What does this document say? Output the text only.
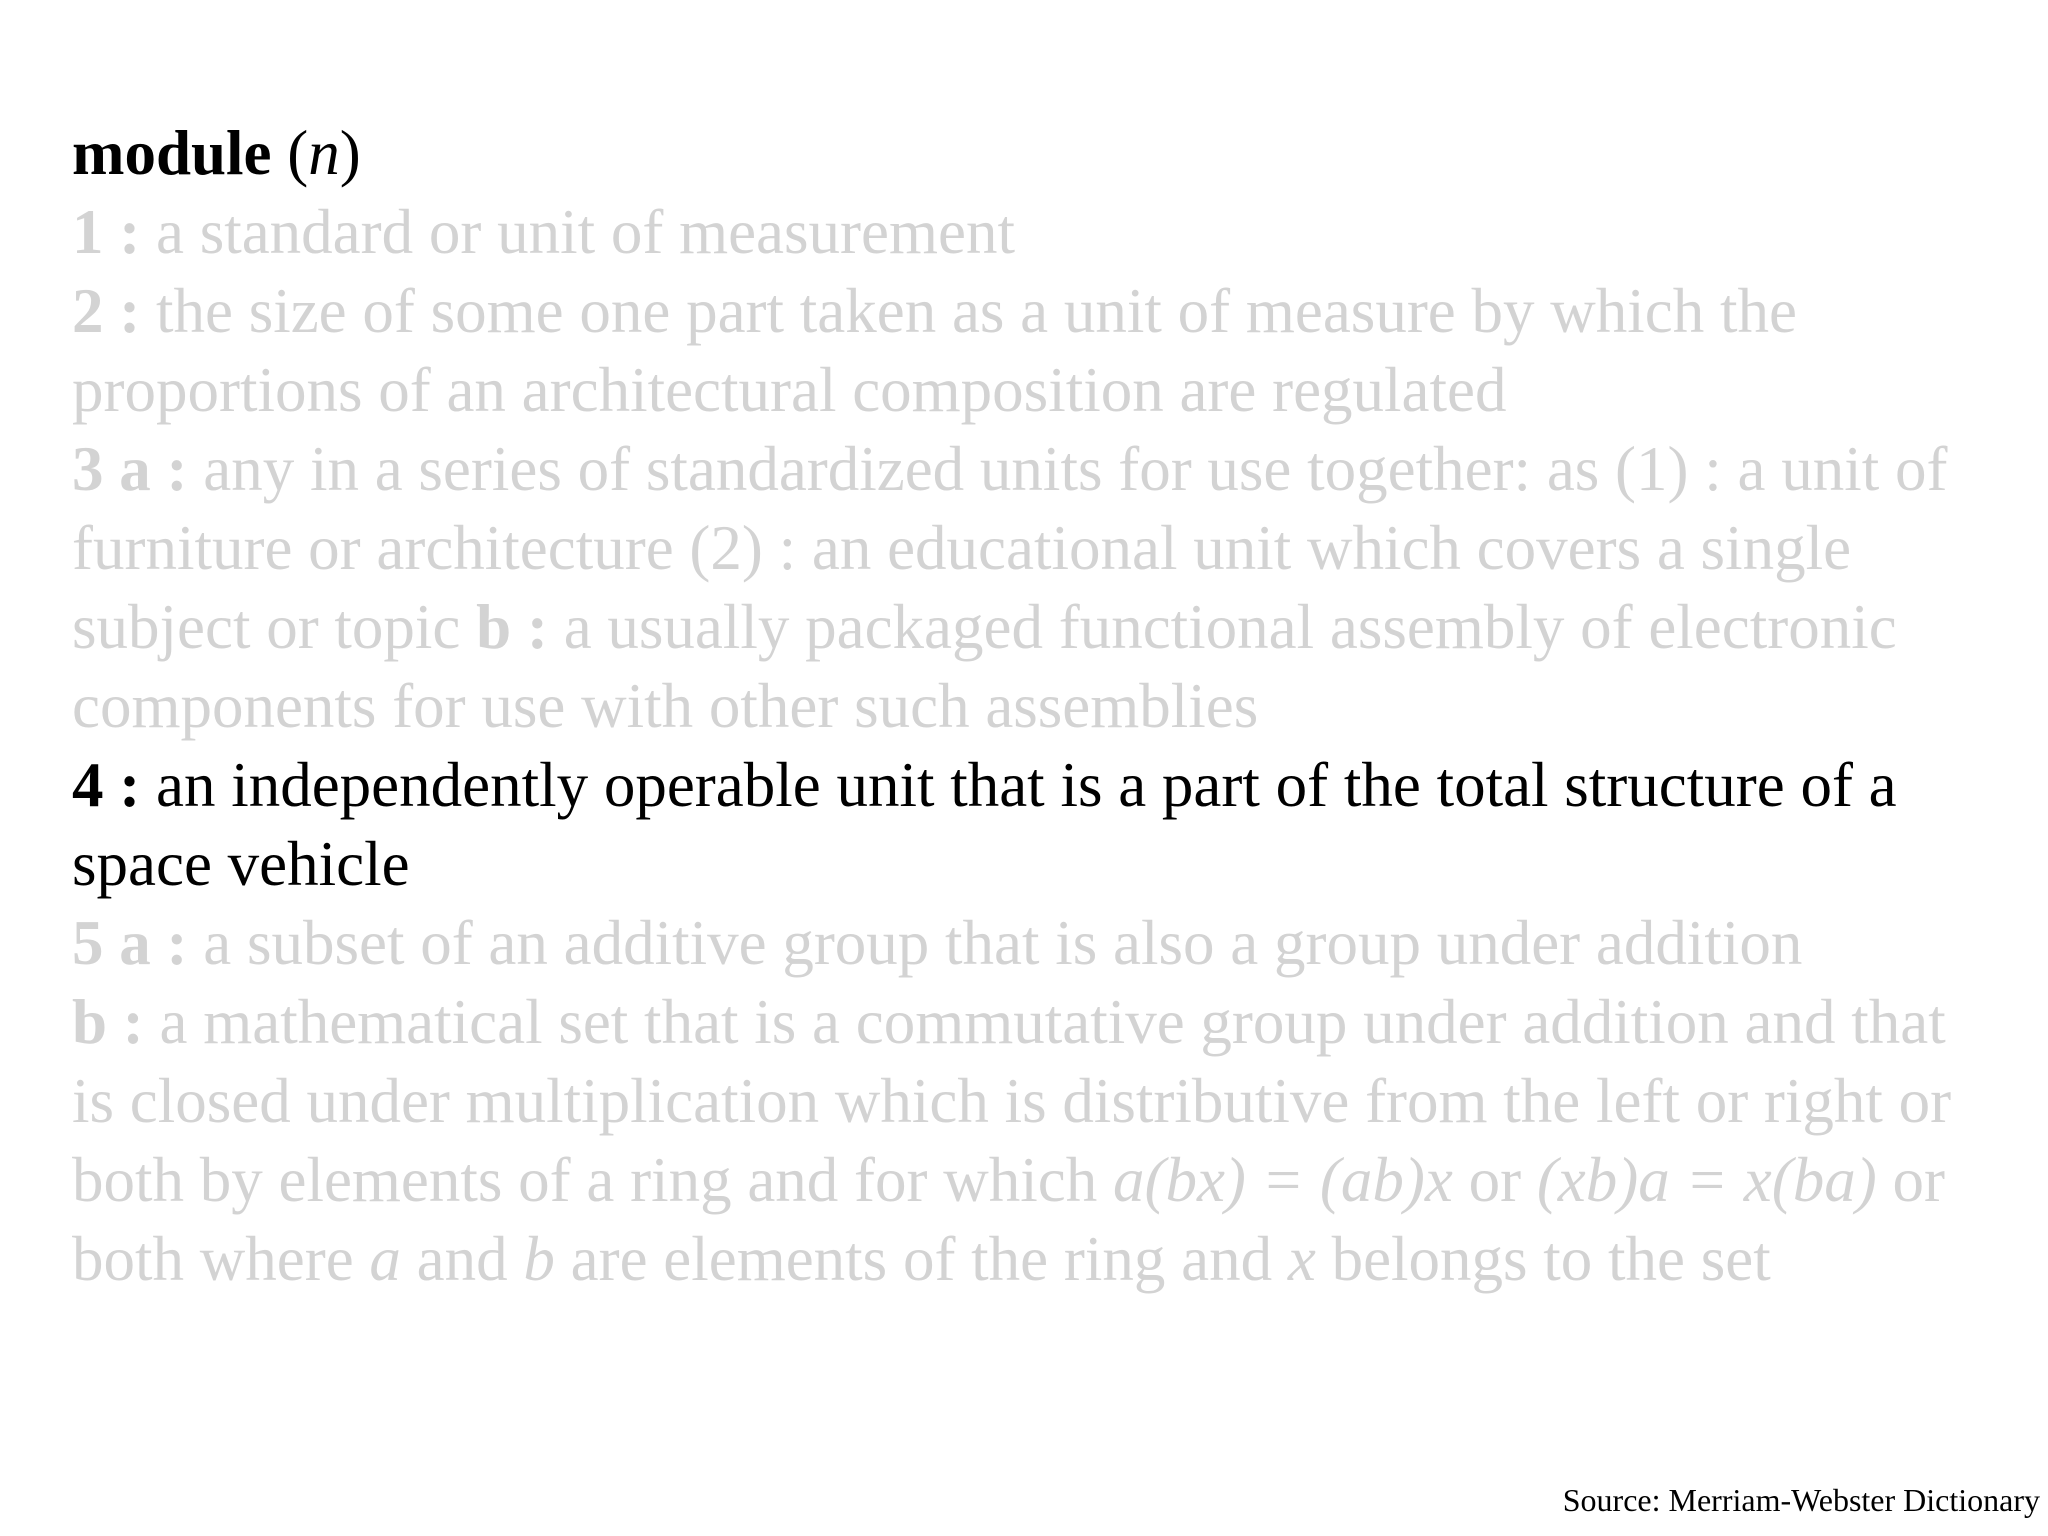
module (n)

1 : a standard or unit of measurement

2 : the size of some one part taken as a unit of measure by which the proportions of an architectural composition are regulated

3 a : any in a series of standardized units for use together: as (1) : a unit of furniture or architecture (2) : an educational unit which covers a single subject or topic b : a usually packaged functional assembly of electronic components for use with other such assemblies

4 : an independently operable unit that is a part of the total structure of a space vehicle

5 a : a subset of an additive group that is also a group under addition

b : a mathematical set that is a commutative group under addition and that is closed under multiplication which is distributive from the left or right or both by elements of a ring and for which a(bx) = (ab)x or (xb)a = x(ba) or both where a and b are elements of the ring and x belongs to the set

Source: Merriam-Webster Dictionary
